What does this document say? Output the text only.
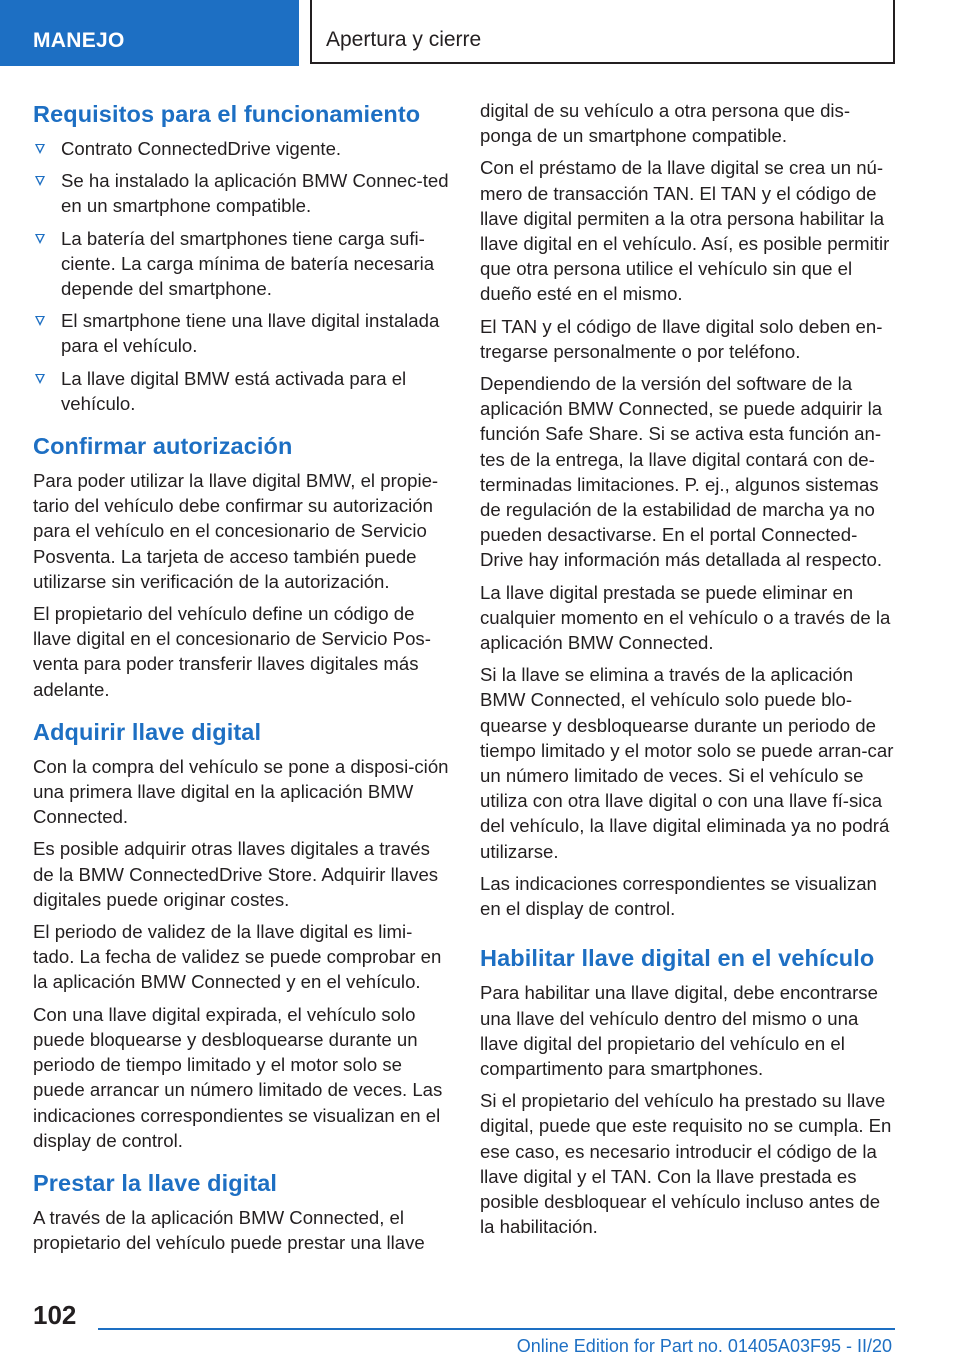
MANEJO	Apertura y cierre
Requisitos para el funcionamiento
Contrato ConnectedDrive vigente.
Se ha instalado la aplicación BMW Connec-ted en un smartphone compatible.
La batería del smartphones tiene carga sufi-ciente. La carga mínima de batería necesaria depende del smartphone.
El smartphone tiene una llave digital instalada para el vehículo.
La llave digital BMW está activada para el vehículo.
Confirmar autorización

Para poder utilizar la llave digital BMW, el propie-tario del vehículo debe confirmar su autorización para el vehículo en el concesionario de Servicio Posventa. La tarjeta de acceso también puede utilizarse sin verificación de la autorización.

El propietario del vehículo define un código de llave digital en el concesionario de Servicio Pos-venta para poder transferir llaves digitales más adelante.

Adquirir llave digital

Con la compra del vehículo se pone a disposi-ción una primera llave digital en la aplicación BMW Connected.

Es posible adquirir otras llaves digitales a través de la BMW ConnectedDrive Store. Adquirir llaves digitales puede originar costes.

El periodo de validez de la llave digital es limi-tado. La fecha de validez se puede comprobar en la aplicación BMW Connected y en el vehículo.

Con una llave digital expirada, el vehículo solo puede bloquearse y desbloquearse durante un periodo de tiempo limitado y el motor solo se puede arrancar un número limitado de veces. Las indicaciones correspondientes se visualizan en el display de control.

Prestar la llave digital

A través de la aplicación BMW Connected, el propietario del vehículo puede prestar una llave

digital de su vehículo a otra persona que dis-ponga de un smartphone compatible.

Con el préstamo de la llave digital se crea un nú-mero de transacción TAN. El TAN y el código de llave digital permiten a la otra persona habilitar la llave digital en el vehículo. Así, es posible permitir que otra persona utilice el vehículo sin que el dueño esté en el mismo.

El TAN y el código de llave digital solo deben en-tregarse personalmente o por teléfono.

Dependiendo de la versión del software de la aplicación BMW Connected, se puede adquirir la función Safe Share. Si se activa esta función an-tes de la entrega, la llave digital contará con de-terminadas limitaciones. P. ej., algunos sistemas de regulación de la estabilidad de marcha ya no pueden desactivarse. En el portal Connected-Drive hay información más detallada al respecto.

La llave digital prestada se puede eliminar en cualquier momento en el vehículo o a través de la aplicación BMW Connected.

Si la llave se elimina a través de la aplicación BMW Connected, el vehículo solo puede blo-quearse y desbloquearse durante un periodo de tiempo limitado y el motor solo se puede arran-car un número limitado de veces. Si el vehículo se utiliza con otra llave digital o con una llave fí-sica del vehículo, la llave digital eliminada ya no podrá utilizarse.

Las indicaciones correspondientes se visualizan en el display de control.

Habilitar llave digital en el vehículo

Para habilitar una llave digital, debe encontrarse una llave del vehículo dentro del mismo o una llave digital del propietario del vehículo en el compartimento para smartphones.

Si el propietario del vehículo ha prestado su llave digital, puede que este requisito no se cumpla. En ese caso, es necesario introducir el código de la llave digital y el TAN. Con la llave prestada es posible desbloquear el vehículo incluso antes de la habilitación.

102
Online Edition for Part no. 01405A03F95 - II/20
